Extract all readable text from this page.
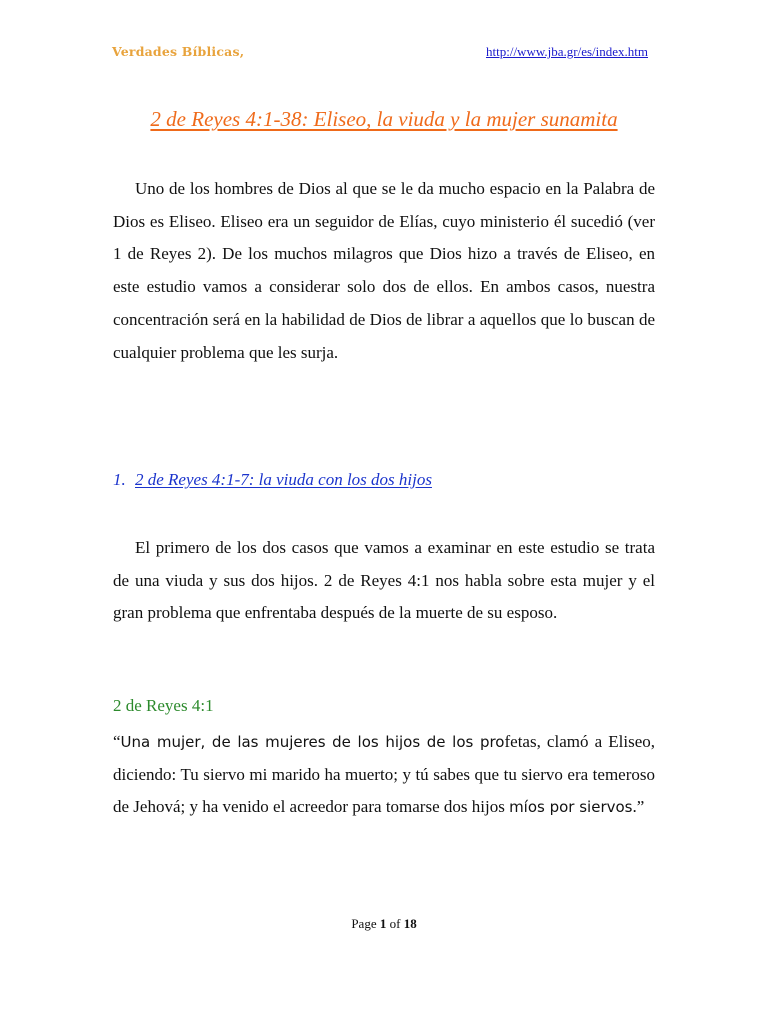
Verdades Bíblicas,	http://www.jba.gr/es/index.htm
2 de Reyes 4:1-38: Eliseo, la viuda y la mujer sunamita

Uno de los hombres de Dios al que se le da mucho espacio en la Palabra de Dios es Eliseo. Eliseo era un seguidor de Elías, cuyo ministerio él sucedió (ver 1 de Reyes 2). De los muchos milagros que Dios hizo a través de Eliseo, en este estudio vamos a considerar solo dos de ellos. En ambos casos, nuestra concentración será en la habilidad de Dios de librar a aquellos que lo buscan de cualquier problema que les surja.

1. 2 de Reyes 4:1-7: la viuda con los dos hijos

El primero de los dos casos que vamos a examinar en este estudio se trata de una viuda y sus dos hijos. 2 de Reyes 4:1 nos habla sobre esta mujer y el gran problema que enfrentaba después de la muerte de su esposo.

2 de Reyes 4:1

“Una mujer, de las mujeres de los hijos de los profetas, clamó a Eliseo, diciendo: Tu siervo mi marido ha muerto; y tú sabes que tu siervo era temeroso de Jehová; y ha venido el acreedor para tomarse dos hijos míos por siervos.”

Page 1 of 18
